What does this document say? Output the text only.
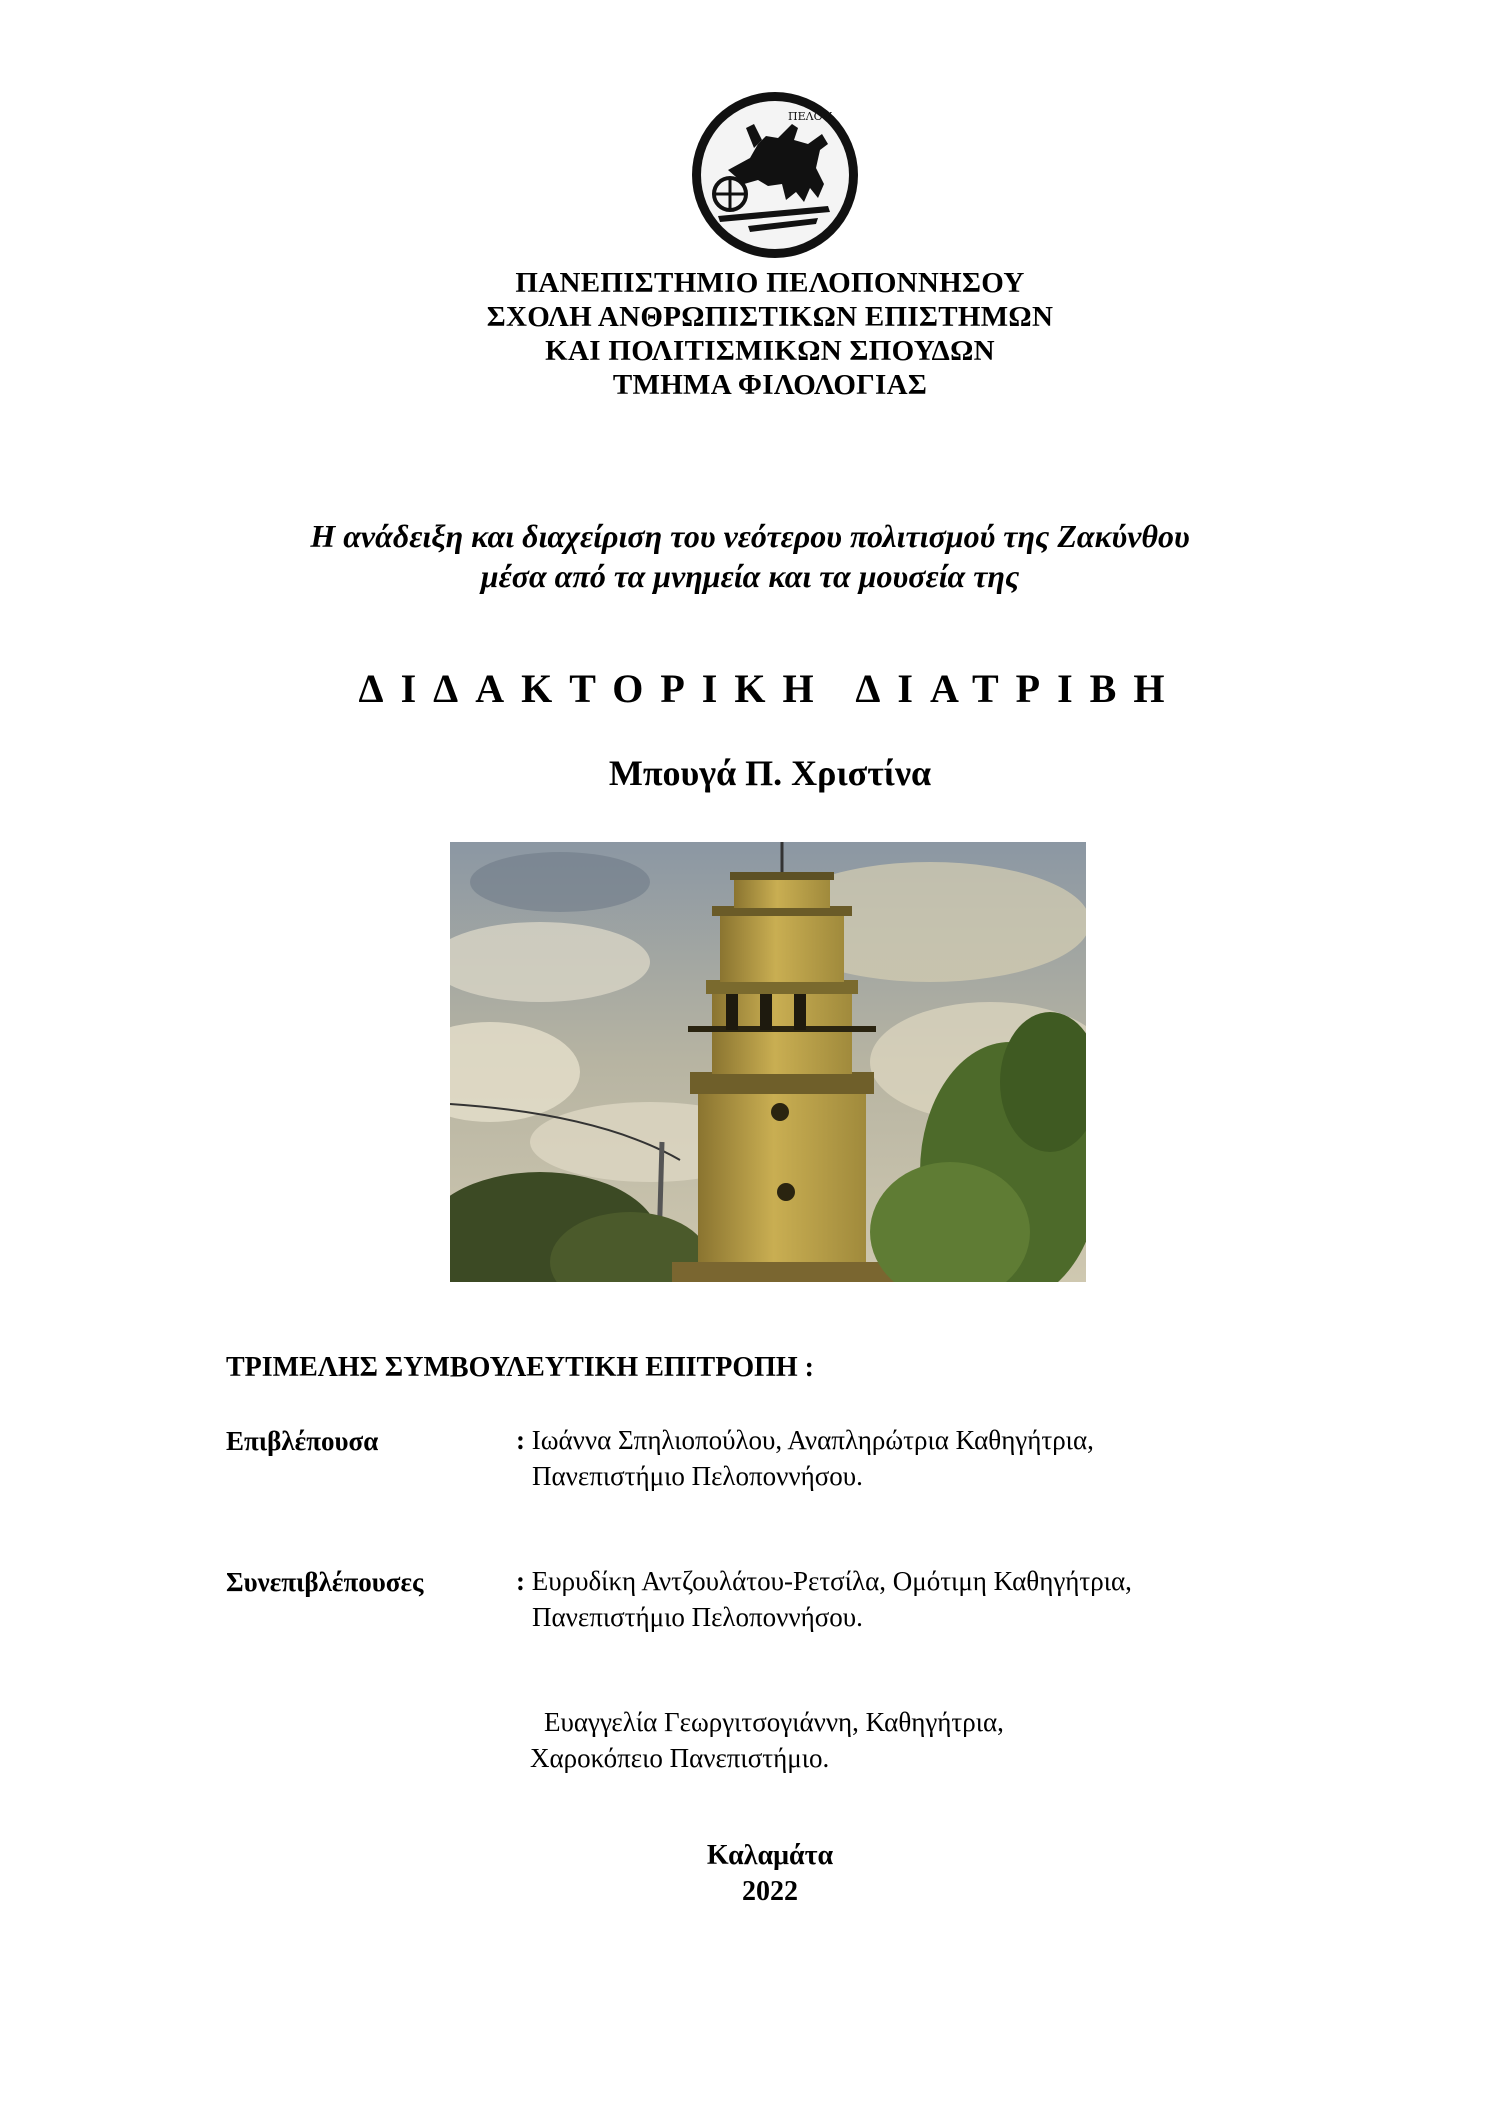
ΠΕΛΟΨ
ΠΑΝΕΠΙΣΤΗΜΙΟ ΠΕΛΟΠΟΝΝΗΣΟΥ
ΣΧΟΛΗ ΑΝΘΡΩΠΙΣΤΙΚΩΝ ΕΠΙΣΤΗΜΩΝ
ΚΑΙ ΠΟΛΙΤΙΣΜΙΚΩΝ ΣΠΟΥΔΩΝ
ΤΜΗΜΑ ΦΙΛΟΛΟΓΙΑΣ
Η ανάδειξη και διαχείριση του νεότερου πολιτισμού της Ζακύνθου
μέσα από τα μνημεία και τα μουσεία της
ΔΙΔΑΚΤΟΡΙΚΗ ΔΙΑΤΡΙΒΗ
Μπουγά Π. Χριστίνα
ΤΡΙΜΕΛΗΣ ΣΥΜΒΟΥΛΕΥΤΙΚΗ ΕΠΙΤΡΟΠΗ :
Επιβλέπουσα	: Ιωάννα Σπηλιοπούλου, Αναπληρώτρια Καθηγήτρια,
Πανεπιστήμιο Πελοποννήσου.
Συνεπιβλέπουσες	: Ευρυδίκη Αντζουλάτου-Ρετσίλα, Ομότιμη Καθηγήτρια,
Πανεπιστήμιο Πελοποννήσου.
Ευαγγελία Γεωργιτσογιάννη, Καθηγήτρια,
Χαροκόπειο Πανεπιστήμιο.
Καλαμάτα
2022
